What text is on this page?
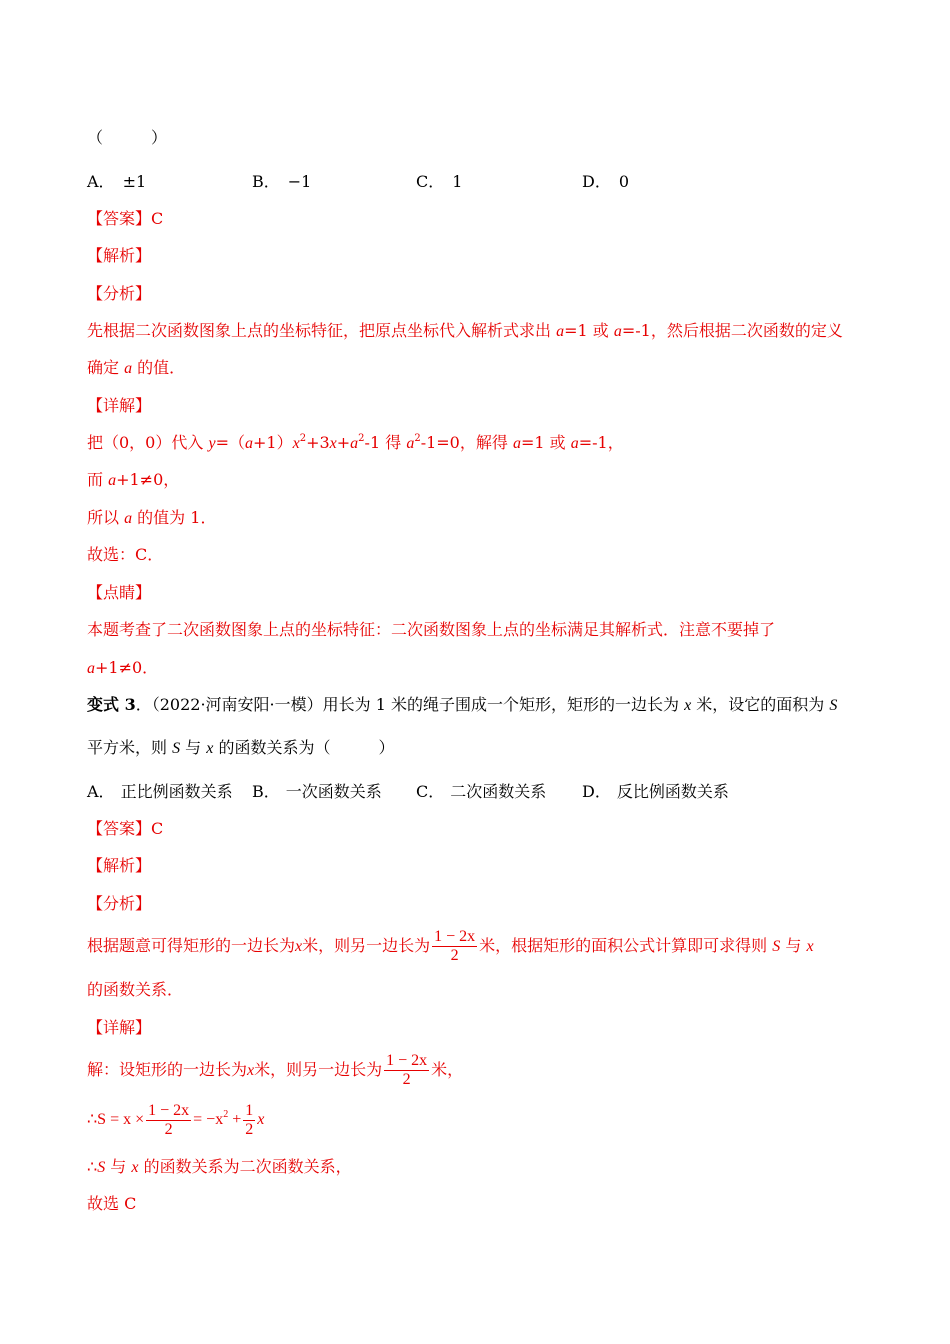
（　　　）
A． ±1	B． −1	C． 1	D． 0
【答案】C
【解析】
【分析】
先根据二次函数图象上点的坐标特征，把原点坐标代入解析式求出 a=1 或 a=-1，然后根据二次函数的定义
确定 a 的值．
【详解】
把（0，0）代入 $y=(a+1)x^2+3x+a^2-1$ 得 $a^2-1=0$，解得 a=1 或 a=-1，
而 a+1≠0，
所以 a 的值为 1．
故选：C．
【点睛】
本题考查了二次函数图象上点的坐标特征：二次函数图象上点的坐标满足其解析式．注意不要掉了
a+1≠0．
变式 3．（2022·河南安阳·一模）用长为 1 米的绳子围成一个矩形，矩形的一边长为 x 米，设它的面积为 S
平方米，则 S 与 x 的函数关系为（　　　）
A． 正比例函数关系 B． 一次函数关系 C． 二次函数关系 D． 反比例函数关系
【答案】C
【解析】
【分析】
根据题意可得矩形的一边长为x米，则另一边长为 $\frac{1 - 2x}{2}$ 米，根据矩形的面积公式计算即可求得则 S 与 x
的函数关系．
【详解】
解：设矩形的一边长为x米，则另一边长为 $\frac{1 - 2x}{2}$ 米，
∴S = $x \times \frac{1 - 2x}{2} = -x^2 + \frac{1}{2}$ x
∴S 与 x 的函数关系为二次函数关系，
故选 C
